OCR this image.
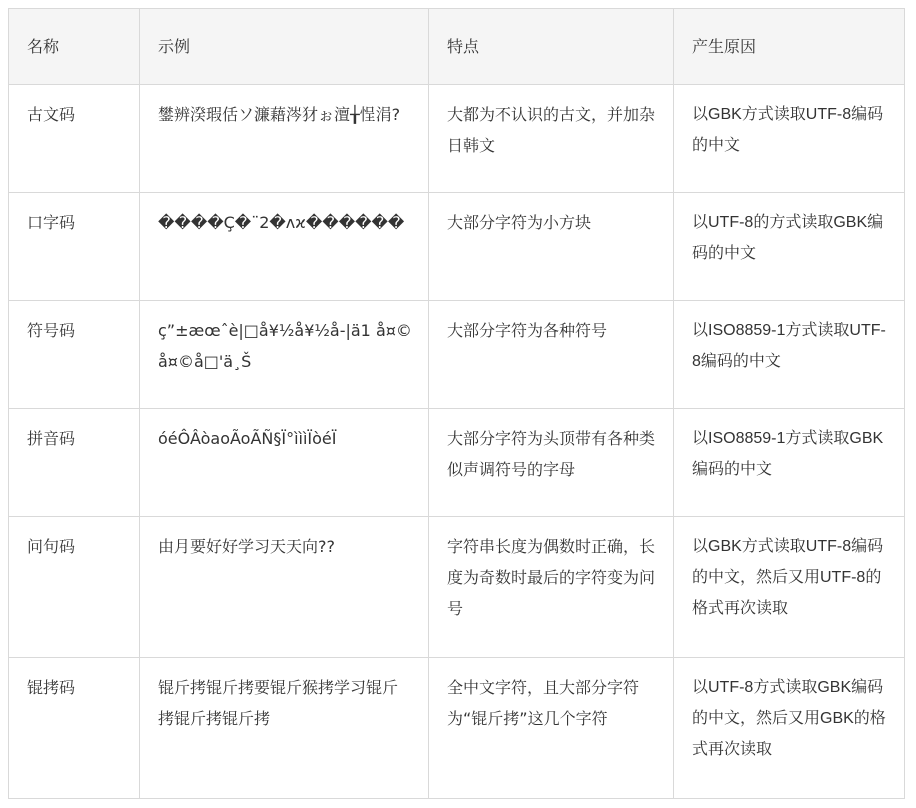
名称	示例	特点	产生原因
古文码	鐢辨湀瑕佸ソ濂藉涔犲ぉ澶╁悜涓?	大都为不认识的古文，并加杂日韩文	以GBK方式读取UTF-8编码的中文
口字码	����Ç�¨2�ʌϰ������	大部分字符为小方块	以UTF-8的方式读取GBK编码的中文
符号码	ç”±æœˆè|□å¥½å¥½å-|ä1 å¤©å¤©å□'ä¸Š	大部分字符为各种符号	以ISO8859-1方式读取UTF-8编码的中文
拼音码	óéÔÂòaoÃoÃÑ§Ï°ìììÏòéÏ	大部分字符为头顶带有各种类似声调符号的字母	以ISO8859-1方式读取GBK编码的中文
问句码	由月要好好学习天天向??	字符串长度为偶数时正确，长度为奇数时最后的字符变为问号	以GBK方式读取UTF-8编码的中文，然后又用UTF-8的格式再次读取
锟拷码	锟斤拷锟斤拷要锟斤猴拷学习锟斤拷锟斤拷锟斤拷	全中文字符，且大部分字符为“锟斤拷”这几个字符	以UTF-8方式读取GBK编码的中文，然后又用GBK的格式再次读取
